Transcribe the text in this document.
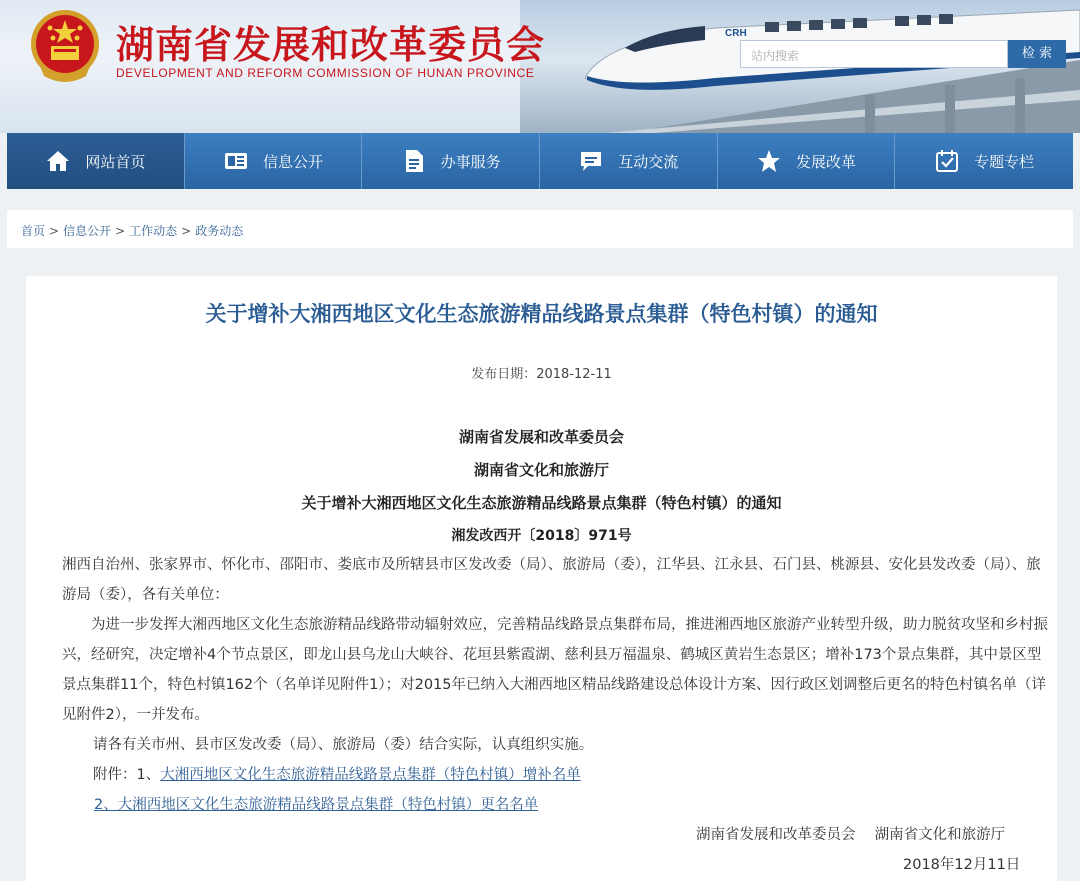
湖南省发展和改革委员会
DEVELOPMENT AND REFORM COMMISSION OF HUNAN PROVINCE
CRH
站内搜索	检 索
网站首页	信息公开	办事服务	互动交流	发展改革	专题专栏
首页 > 信息公开 > 工作动态 > 政务动态
关于增补大湘西地区文化生态旅游精品线路景点集群（特色村镇）的通知
发布日期：2018-12-11
湖南省发展和改革委员会
湖南省文化和旅游厅
关于增补大湘西地区文化生态旅游精品线路景点集群（特色村镇）的通知
湘发改西开〔2018〕971号
湘西自治州、张家界市、怀化市、邵阳市、娄底市及所辖县市区发改委（局）、旅游局（委），江华县、江永县、石门县、桃源县、安化县发改委（局）、旅游局（委），各有关单位：
为进一步发挥大湘西地区文化生态旅游精品线路带动辐射效应，完善精品线路景点集群布局，推进湘西地区旅游产业转型升级，助力脱贫攻坚和乡村振兴，经研究，决定增补4个节点景区，即龙山县乌龙山大峡谷、花垣县紫霞湖、慈利县万福温泉、鹤城区黄岩生态景区；增补173个景点集群，其中景区型景点集群11个，特色村镇162个（名单详见附件1）；对2015年已纳入大湘西地区精品线路建设总体设计方案、因行政区划调整后更名的特色村镇名单（详见附件2），一并发布。
请各有关市州、县市区发改委（局）、旅游局（委）结合实际，认真组织实施。
附件：1、大湘西地区文化生态旅游精品线路景点集群（特色村镇）增补名单
2、大湘西地区文化生态旅游精品线路景点集群（特色村镇）更名名单
湖南省发展和改革委员会　 湖南省文化和旅游厅
2018年12月11日
